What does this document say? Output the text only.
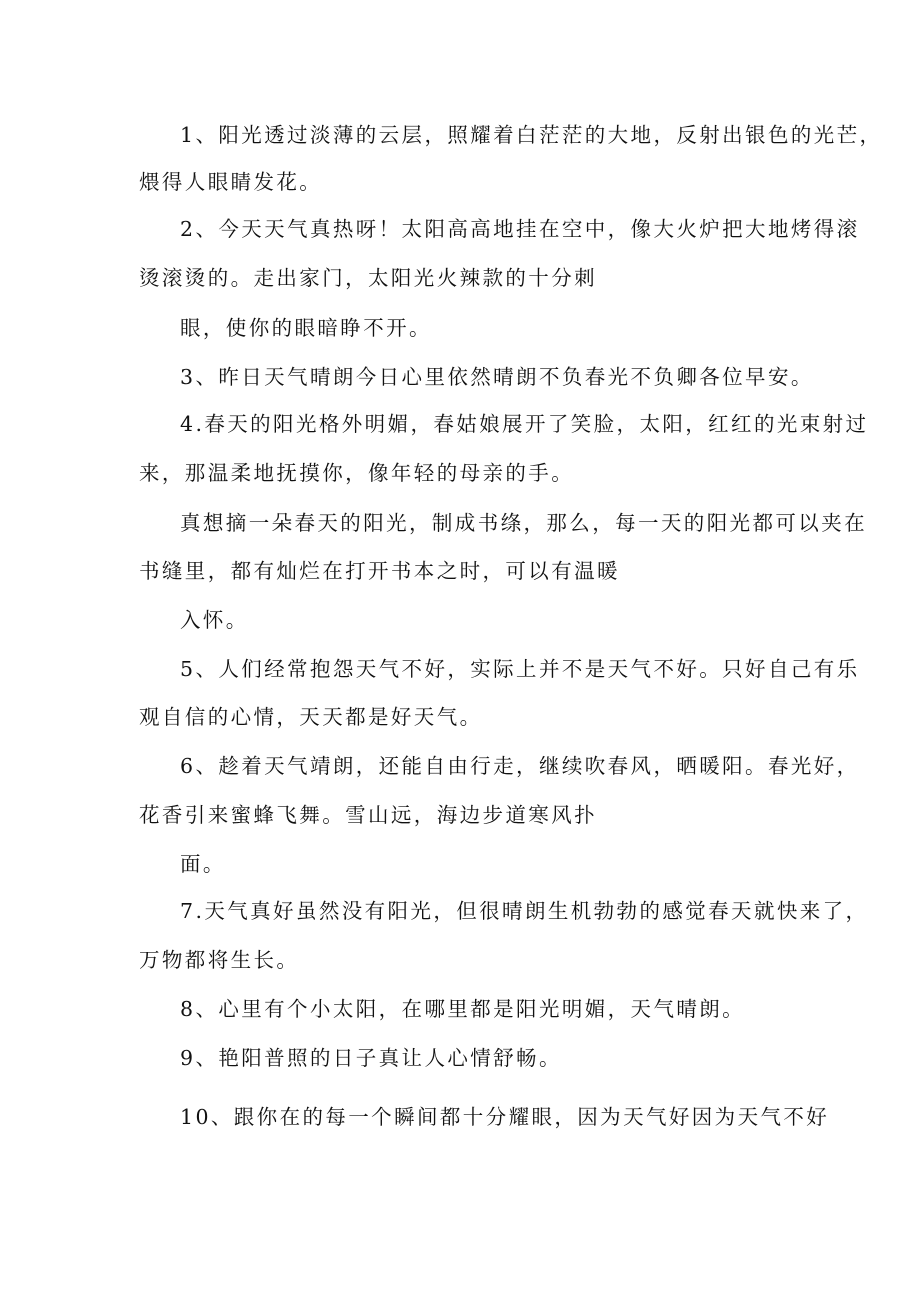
1、阳光透过淡薄的云层，照耀着白茫茫的大地，反射出银色的光芒，
煨得人眼睛发花。
2、今天天气真热呀！太阳高高地挂在空中，像大火炉把大地烤得滚
烫滚烫的。走出家门，太阳光火辣款的十分刺
眼，使你的眼暗睁不开。
3、昨日天气晴朗今日心里依然晴朗不负春光不负卿各位早安。
4.春天的阳光格外明媚，春姑娘展开了笑脸，太阳，红红的光束射过
来，那温柔地抚摸你，像年轻的母亲的手。
真想摘一朵春天的阳光，制成书绦，那么，每一天的阳光都可以夹在
书缝里，都有灿烂在打开书本之时，可以有温暖
入怀。
5、人们经常抱怨天气不好，实际上并不是天气不好。只好自己有乐
观自信的心情，天天都是好天气。
6、趁着天气靖朗，还能自由行走，继续吹春风，晒暖阳。春光好，
花香引来蜜蜂飞舞。雪山远，海边步道寒风扑
面。
7.天气真好虽然没有阳光，但很晴朗生机勃勃的感觉春天就快来了，
万物都将生长。
8、心里有个小太阳，在哪里都是阳光明媚，天气晴朗。
9、艳阳普照的日子真让人心情舒畅。
10、跟你在的每一个瞬间都十分耀眼，因为天气好因为天气不好
